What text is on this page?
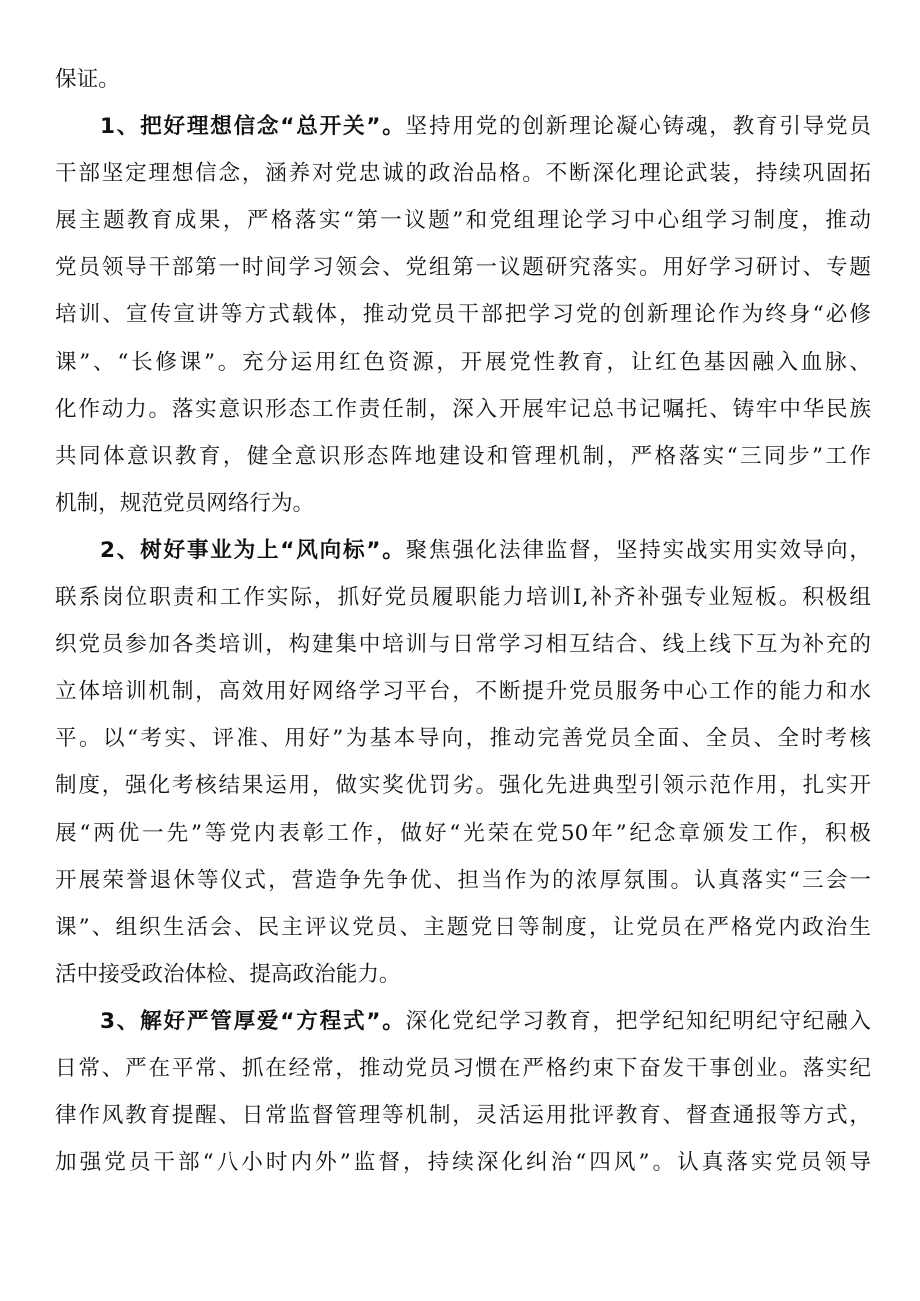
保证。
1、把好理想信念“总开关”。坚持用党的创新理论凝心铸魂，教育引导党员
干部坚定理想信念，涵养对党忠诚的政治品格。不断深化理论武装，持续巩固拓
展主题教育成果，严格落实“第一议题”和党组理论学习中心组学习制度，推动
党员领导干部第一时间学习领会、党组第一议题研究落实。用好学习研讨、专题
培训、宣传宣讲等方式载体，推动党员干部把学习党的创新理论作为终身“必修
课”、“长修课”。充分运用红色资源，开展党性教育，让红色基因融入血脉、
化作动力。落实意识形态工作责任制，深入开展牢记总书记嘱托、铸牢中华民族
共同体意识教育，健全意识形态阵地建设和管理机制，严格落实“三同步”工作
机制，规范党员网络行为。
2、树好事业为上“风向标”。聚焦强化法律监督，坚持实战实用实效导向，
联系岗位职责和工作实际，抓好党员履职能力培训I,补齐补强专业短板。积极组
织党员参加各类培训，构建集中培训与日常学习相互结合、线上线下互为补充的
立体培训机制，高效用好网络学习平台，不断提升党员服务中心工作的能力和水
平。以“考实、评准、用好”为基本导向，推动完善党员全面、全员、全时考核
制度，强化考核结果运用，做实奖优罚劣。强化先进典型引领示范作用，扎实开
展“两优一先”等党内表彰工作，做好“光荣在党50年”纪念章颁发工作，积极
开展荣誉退休等仪式，营造争先争优、担当作为的浓厚氛围。认真落实“三会一
课”、组织生活会、民主评议党员、主题党日等制度，让党员在严格党内政治生
活中接受政治体检、提高政治能力。
3、解好严管厚爱“方程式”。深化党纪学习教育，把学纪知纪明纪守纪融入
日常、严在平常、抓在经常，推动党员习惯在严格约束下奋发干事创业。落实纪
律作风教育提醒、日常监督管理等机制，灵活运用批评教育、督查通报等方式，
加强党员干部“八小时内外”监督，持续深化纠治“四风”。认真落实党员领导
